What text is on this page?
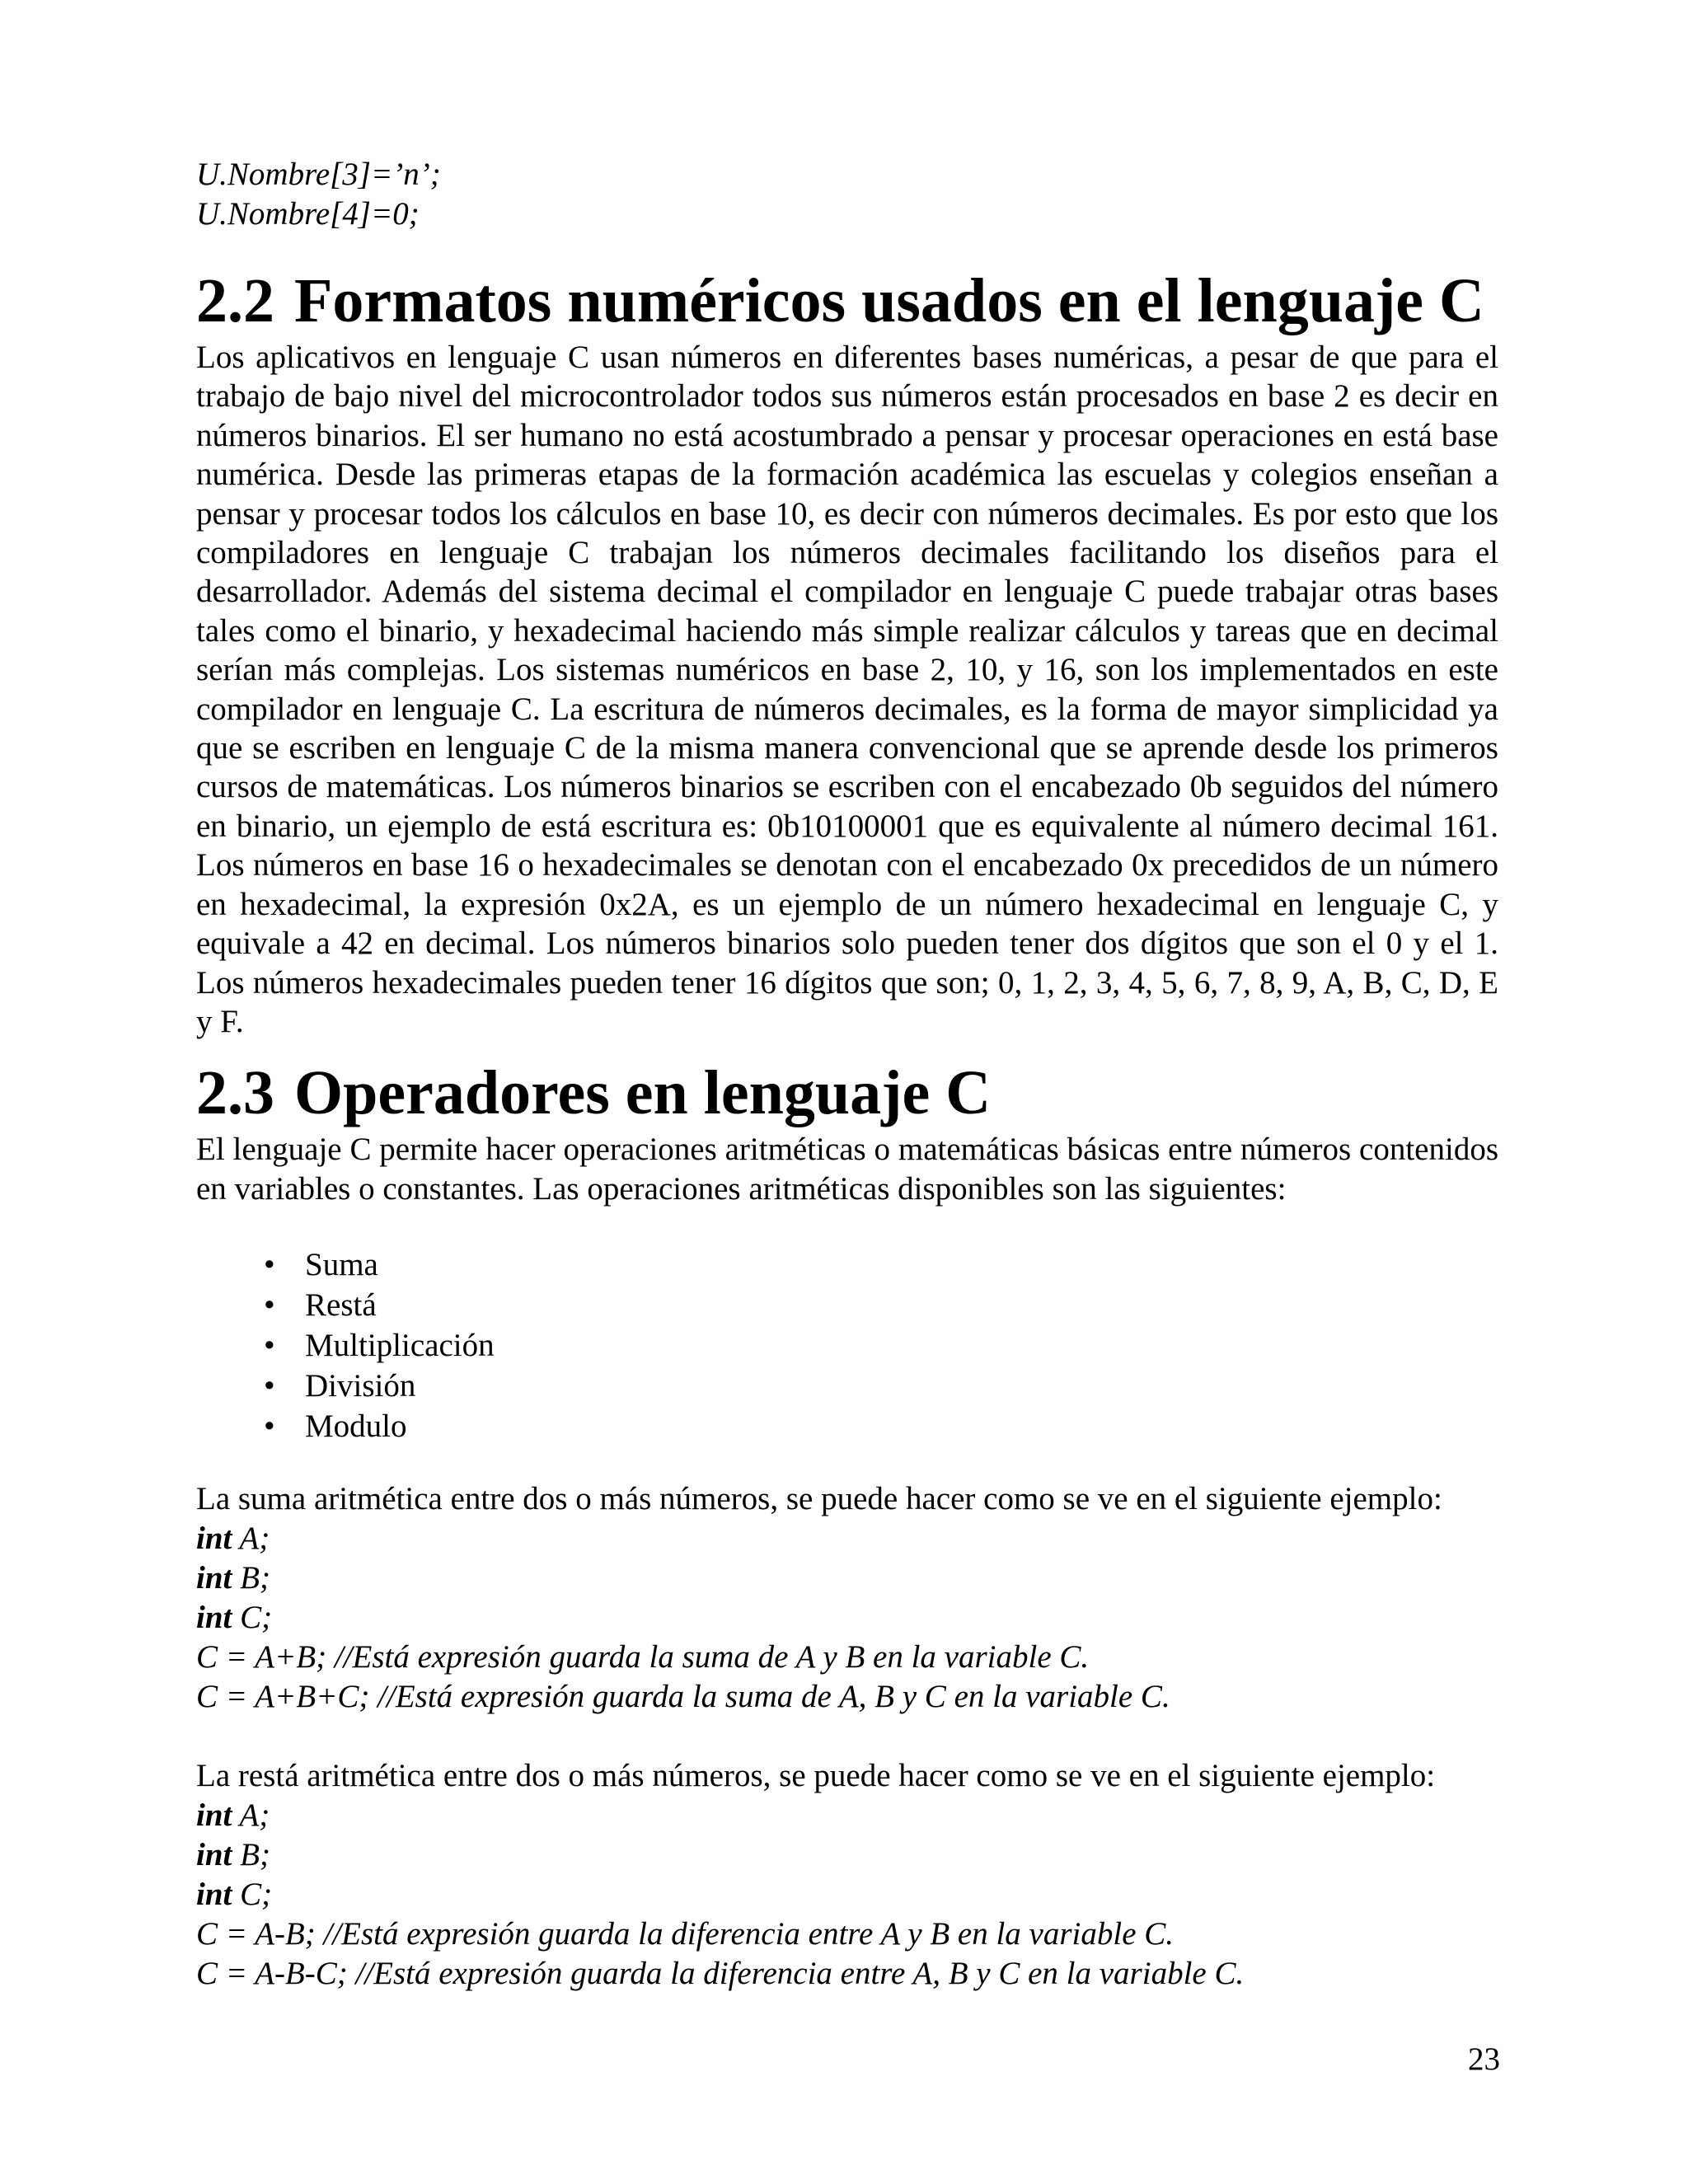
U.Nombre[3]=’n’;

U.Nombre[4]=0;

2.2 Formatos numéricos usados en el lenguaje C

Los aplicativos en lenguaje C usan números en diferentes bases numéricas, a pesar de que para el trabajo de bajo nivel del microcontrolador todos sus números están procesados en base 2 es decir en números binarios. El ser humano no está acostumbrado a pensar y procesar operaciones en está base numérica. Desde las primeras etapas de la formación académica las escuelas y colegios enseñan a pensar y procesar todos los cálculos en base 10, es decir con números decimales. Es por esto que los compiladores en lenguaje C trabajan los números decimales facilitando los diseños para el desarrollador. Además del sistema decimal el compilador en lenguaje C puede trabajar otras bases tales como el binario, y hexadecimal haciendo más simple realizar cálculos y tareas que en decimal serían más complejas. Los sistemas numéricos en base 2, 10, y 16, son los implementados en este compilador en lenguaje C. La escritura de números decimales, es la forma de mayor simplicidad ya que se escriben en lenguaje C de la misma manera convencional que se aprende desde los primeros cursos de matemáticas. Los números binarios se escriben con el encabezado 0b seguidos del número en binario, un ejemplo de está escritura es: 0b10100001 que es equivalente al número decimal 161. Los números en base 16 o hexadecimales se denotan con el encabezado 0x precedidos de un número en hexadecimal, la expresión 0x2A, es un ejemplo de un número hexadecimal en lenguaje C, y equivale a 42 en decimal. Los números binarios solo pueden tener dos dígitos que son el 0 y el 1. Los números hexadecimales pueden tener 16 dígitos que son; 0, 1, 2, 3, 4, 5, 6, 7, 8, 9, A, B, C, D, E y F.

2.3 Operadores en lenguaje C

El lenguaje C permite hacer operaciones aritméticas o matemáticas básicas entre números contenidos en variables o constantes. Las operaciones aritméticas disponibles son las siguientes:

• Suma
• Restá
• Multiplicación
• División
• Modulo

La suma aritmética entre dos o más números, se puede hacer como se ve en el siguiente ejemplo:

int A;

int B;

int C;

C = A+B; //Está expresión guarda la suma de A y B en la variable C.

C = A+B+C; //Está expresión guarda la suma de A, B y C en la variable C.

La restá aritmética entre dos o más números, se puede hacer como se ve en el siguiente ejemplo:

int A;

int B;

int C;

C = A-B; //Está expresión guarda la diferencia entre A y B en la variable C.

C = A-B-C; //Está expresión guarda la diferencia entre A, B y C en la variable C.

23
